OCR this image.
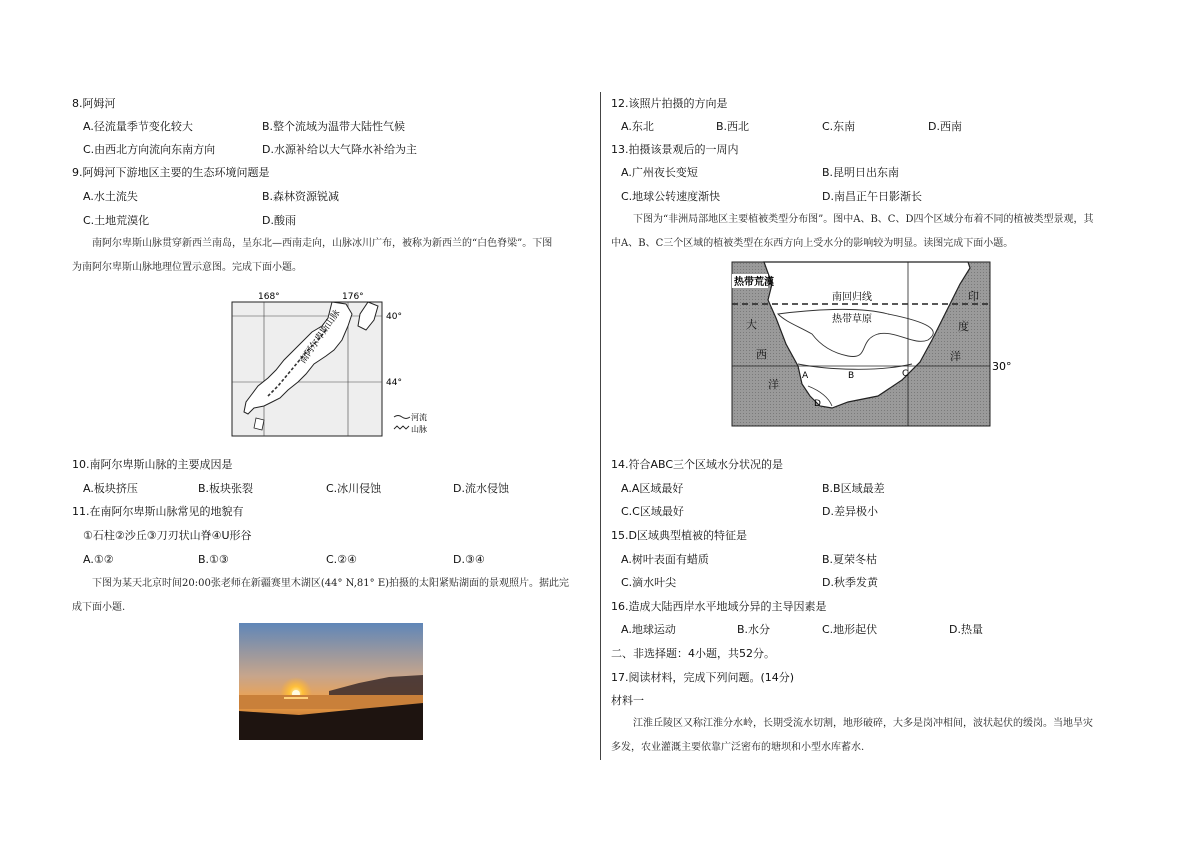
8.阿姆河
A.径流量季节变化较大	B.整个流域为温带大陆性气候
C.由西北方向流向东南方向	D.水源补给以大气降水补给为主
9.阿姆河下游地区主要的生态环境问题是
A.水土流失	B.森林资源锐减
C.土地荒漠化	D.酸雨
南阿尔卑斯山脉贯穿新西兰南岛，呈东北—西南走向，山脉冰川广布，被称为新西兰的“白色脊梁”。下图
为南阿尔卑斯山脉地理位置示意图。完成下面小题。
南阿尔卑斯山脉
168°	176°
40°
44°
河流
山脉
10.南阿尔卑斯山脉的主要成因是
A.板块挤压	B.板块张裂	C.冰川侵蚀	D.流水侵蚀
11.在南阿尔卑斯山脉常见的地貌有
①石柱②沙丘③刀刃状山脊④U形谷
A.①②	B.①③	C.②④	D.③④
下图为某天北京时间20:00张老师在新疆赛里木湖区(44° N,81° E)拍摄的太阳紧贴湖面的景观照片。据此完
成下面小题.
12.该照片拍摄的方向是
A.东北	B.西北	C.东南	D.西南
13.拍摄该景观后的一周内
A.广州夜长变短	B.昆明日出东南
C.地球公转速度渐快	D.南昌正午日影渐长
下图为“非洲局部地区主要植被类型分布图”。图中A、B、C、D四个区域分布着不同的植被类型景观，其
中A、B、C三个区域的植被类型在东西方向上受水分的影响较为明显。读图完成下面小题。
热带荒漠
南回归线
热带草原
大
西
洋
印
度
洋
30°
A	B	C
D
14.符合ABC三个区域水分状况的是
A.A区域最好	B.B区域最差
C.C区域最好	D.差异极小
15.D区域典型植被的特征是
A.树叶表面有蜡质	B.夏荣冬枯
C.滴水叶尖	D.秋季发黄
16.造成大陆西岸水平地域分异的主导因素是
A.地球运动	B.水分	C.地形起伏	D.热量
二、非选择题：4小题，共52分。
17.阅读材料，完成下列问题。(14分)
材料一
江淮丘陵区又称江淮分水岭，长期受流水切割，地形破碎，大多是岗冲相间，波状起伏的缓岗。当地旱灾
多发，农业灌溉主要依靠广泛密布的塘坝和小型水库蓄水.
